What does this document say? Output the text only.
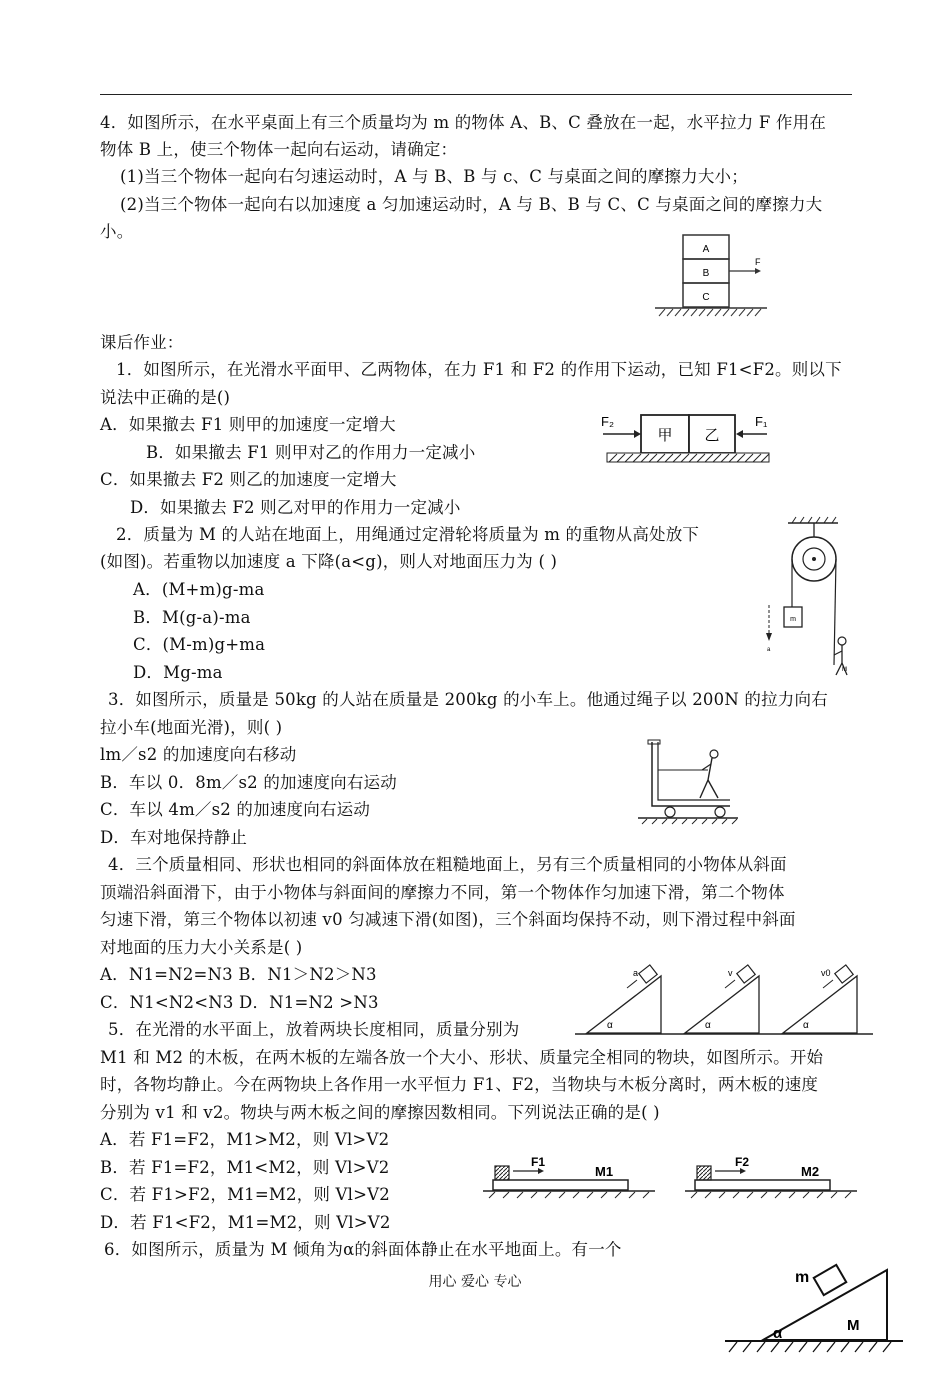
4．如图所示，在水平桌面上有三个质量均为 m 的物体 A、B、C 叠放在一起，水平拉力 F 作用在
物体 B 上，使三个物体一起向右运动，请确定：
(1)当三个物体一起向右匀速运动时，A 与 B、B 与 c、C 与桌面之间的摩擦力大小；
(2)当三个物体一起向右以加速度 a 匀加速运动时，A 与 B、B 与 C、C 与桌面之间的摩擦力大
小。
课后作业：
1．如图所示，在光滑水平面甲、乙两物体，在力 F1 和 F2 的作用下运动，已知 F1<F2。则以下
说法中正确的是()
A．如果撤去 F1 则甲的加速度一定增大
B．如果撤去 F1 则甲对乙的作用力一定减小
C．如果撤去 F2 则乙的加速度一定增大
D．如果撤去 F2 则乙对甲的作用力一定减小
2．质量为 M 的人站在地面上，用绳通过定滑轮将质量为 m 的重物从高处放下
(如图)。若重物以加速度 a 下降(a<g)，则人对地面压力为 ( )
A．(M+m)g-ma
B．M(g-a)-ma
C．(M-m)g+ma
D．Mg-ma
3．如图所示，质量是 50kg 的人站在质量是 200kg 的小车上。他通过绳子以 200N 的拉力向右
拉小车(地面光滑)，则( )
lm／s2 的加速度向右移动
B．车以 0．8m／s2 的加速度向右运动
C．车以 4m／s2 的加速度向右运动
D．车对地保持静止
4．三个质量相同、形状也相同的斜面体放在粗糙地面上，另有三个质量相同的小物体从斜面
顶端沿斜面滑下，由于小物体与斜面间的摩擦力不同，第一个物体作匀加速下滑，第二个物体
匀速下滑，第三个物体以初速 v0 匀减速下滑(如图)，三个斜面均保持不动，则下滑过程中斜面
对地面的压力大小关系是( )
A．N1=N2=N3 B．N1＞N2＞N3
C．N1<N2<N3 D．N1=N2 >N3
5．在光滑的水平面上，放着两块长度相同，质量分别为
M1 和 M2 的木板，在两木板的左端各放一个大小、形状、质量完全相同的物块，如图所示。开始
时，各物均静止。今在两物块上各作用一水平恒力 F1、F2，当物块与木板分离时，两木板的速度
分别为 v1 和 v2。物块与两木板之间的摩擦因数相同。下列说法正确的是( )
A．若 F1=F2，M1>M2，则 Vl>V2
B．若 F1=F2，M1<M2，则 Vl>V2
C．若 F1>F2，M1=M2，则 Vl>V2
D．若 F1<F2，M1=M2，则 Vl>V2
6．如图所示，质量为 M 倾角为α的斜面体静止在水平地面上。有一个
A
B
C
F
甲 乙
F₂	F₁
m
a
M
a
α
v
α
v0
α
F1
M1
F2
M2
m
α	M
用心 爱心 专心
